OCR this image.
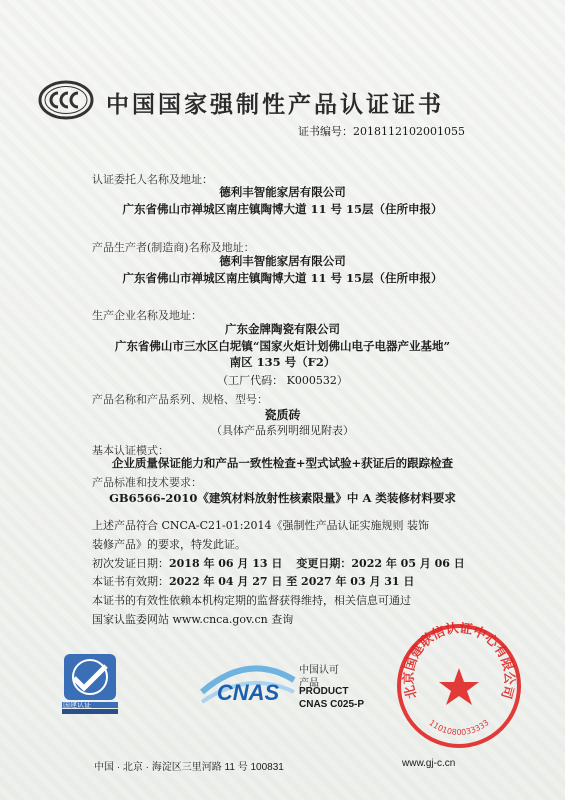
中国国家强制性产品认证证书
证书编号：2018112102001055
认证委托人名称及地址：
德利丰智能家居有限公司
广东省佛山市禅城区南庄镇陶博大道 11 号 15层（住所申报）
产品生产者(制造商)名称及地址：
德利丰智能家居有限公司
广东省佛山市禅城区南庄镇陶博大道 11 号 15层（住所申报）
生产企业名称及地址：
广东金牌陶瓷有限公司
广东省佛山市三水区白坭镇“国家火炬计划佛山电子电器产业基地”
南区 135 号（F2）
（工厂代码： K000532）
产品名称和产品系列、规格、型号：
瓷质砖
（具体产品系列明细见附表）
基本认证模式：
企业质量保证能力和产品一致性检查+型式试验+获证后的跟踪检查
产品标准和技术要求：
GB6566-2010《建筑材料放射性核素限量》中 A 类装修材料要求
上述产品符合 CNCA-C21-01:2014《强制性产品认证实施规则 装饰
装修产品》的要求，特发此证。
初次发证日期：2018 年 06 月 13 日 变更日期：2022 年 05 月 06 日
本证书有效期：2022 年 04 月 27 日 至 2027 年 03 月 31 日
本证书的有效性依赖本机构定期的监督获得维持，相关信息可通过
国家认监委网站 www.cnca.gov.cn 查询
国建认证
CNAS
中国认可
产品
PRODUCT
CNAS C025-P
北京国建联信认证中心有限公司
1101080033333
中国 · 北京 · 海淀区三里河路 11 号 100831	www.gj-c.cn
